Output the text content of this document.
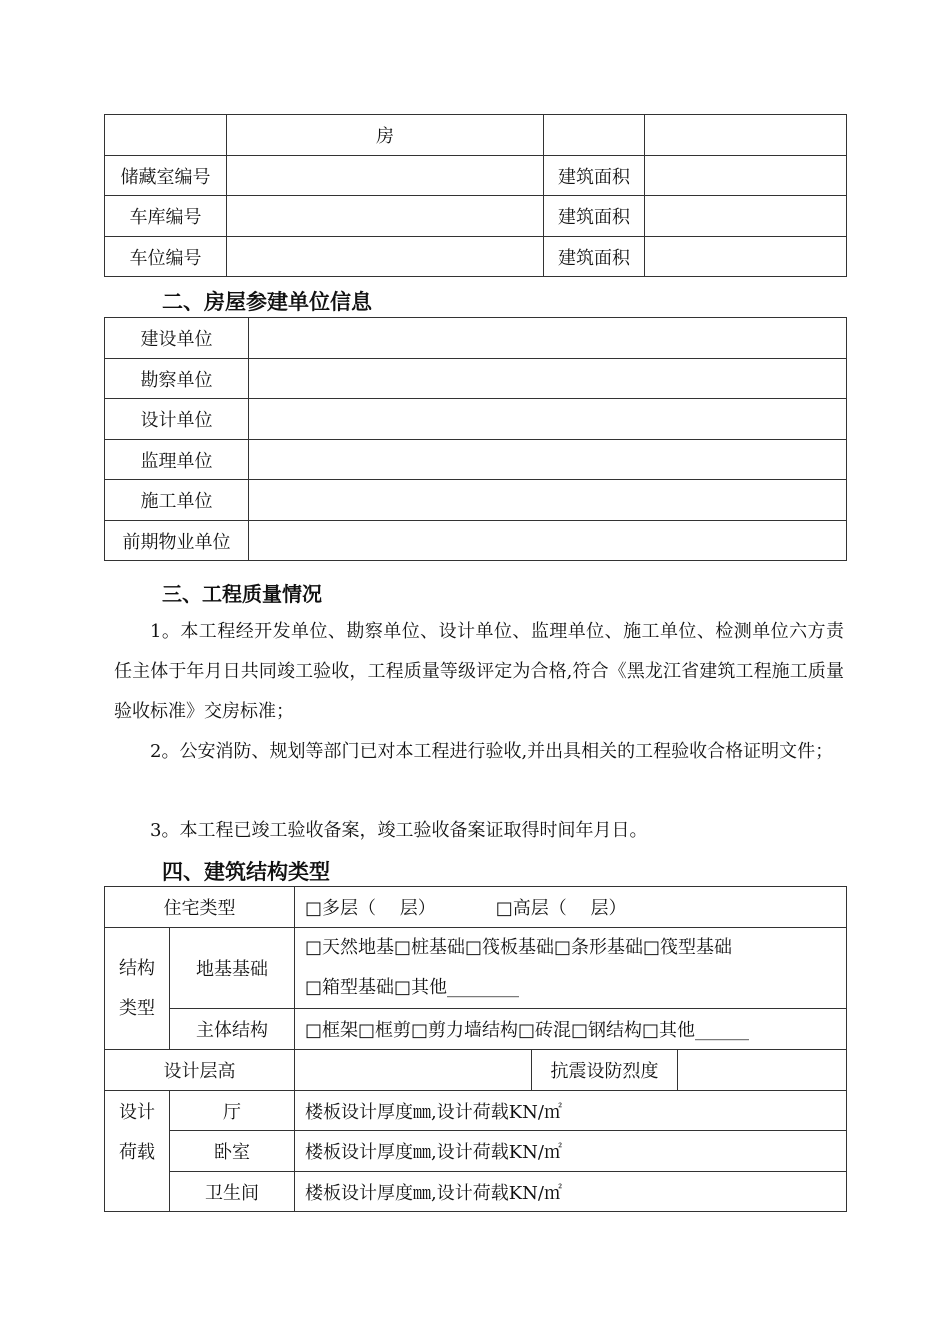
	房		
储藏室编号		建筑面积	
车库编号		建筑面积	
车位编号		建筑面积	
二、房屋参建单位信息
建设单位	
勘察单位	
设计单位	
监理单位	
施工单位	
前期物业单位	
三、工程质量情况

1。本工程经开发单位、勘察单位、设计单位、监理单位、施工单位、检测单位六方责任主体于年月日共同竣工验收，工程质量等级评定为合格,符合《黑龙江省建筑工程施工质量验收标准》交房标准；

2。公安消防、规划等部门已对本工程进行验收,并出具相关的工程验收合格证明文件；

3。本工程已竣工验收备案，竣工验收备案证取得时间年月日。

四、建筑结构类型
住宅类型		□多层（　 层） □高层（　 层）		
结构
类型	地基基础	□天然地基□桩基础□筏板基础□条形基础□筏型基础
□箱型基础□其他________		
	主体结构	□框架□框剪□剪力墙结构□砖混□钢结构□其他______		
设计层高			抗震设防烈度	
设计
荷载	厅	楼板设计厚度㎜,设计荷载KN/㎡		
	卧室	楼板设计厚度㎜,设计荷载KN/㎡		
	卫生间	楼板设计厚度㎜,设计荷载KN/㎡		
